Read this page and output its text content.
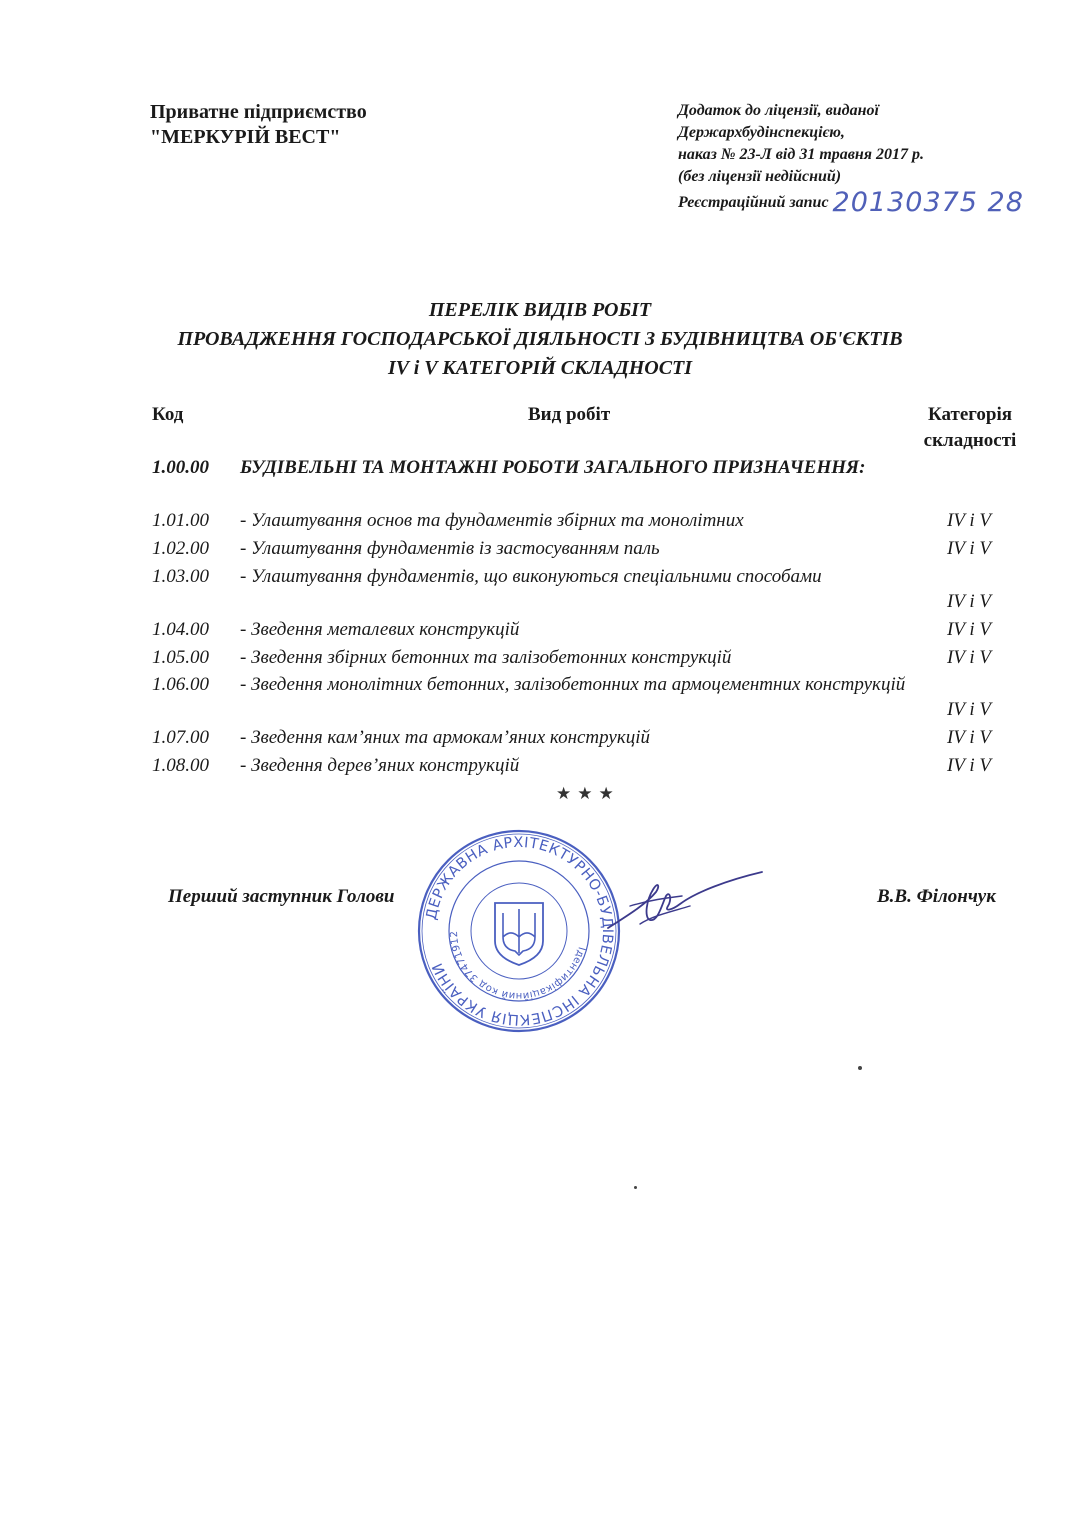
Приватне підприємство
"МЕРКУРІЙ ВЕСТ"
Додаток до ліцензії, виданої
Держархбудінспекцією,
наказ № 23-Л від 31 травня 2017 р.
(без ліцензії недійсний)
Реєстраційний запис 20130375 28
ПЕРЕЛІК ВИДІВ РОБІТ
ПРОВАДЖЕННЯ ГОСПОДАРСЬКОЇ ДІЯЛЬНОСТІ З БУДІВНИЦТВА ОБ'ЄКТІВ
IV і V КАТЕГОРІЙ СКЛАДНОСТІ
Код	Вид робіт	Категорія
складності
1.00.00 БУДІВЕЛЬНІ ТА МОНТАЖНІ РОБОТИ ЗАГАЛЬНОГО ПРИЗНАЧЕННЯ:
1.01.00 - Улаштування основ та фундаментів збірних та монолітних	IV і V
1.02.00 - Улаштування фундаментів із застосуванням паль	IV і V
1.03.00 - Улаштування фундаментів, що виконуються спеціальними способами
IV і V
1.04.00 - Зведення металевих конструкцій	IV і V
1.05.00 - Зведення збірних бетонних та залізобетонних конструкцій	IV і V
1.06.00 - Зведення монолітних бетонних, залізобетонних та армоцементних конструкцій
IV і V
1.07.00 - Зведення кам’яних та армокам’яних конструкцій	IV і V
1.08.00 - Зведення дерев’яних конструкцій	IV і V
★★★
Перший заступник Голови	В.В. Філончук
ДЕРЖАВНА АРХІТЕКТУРНО-БУДІВЕЛЬНА ІНСПЕКЦІЯ УКРАЇНИ
Ідентифікаційний код 37471912
